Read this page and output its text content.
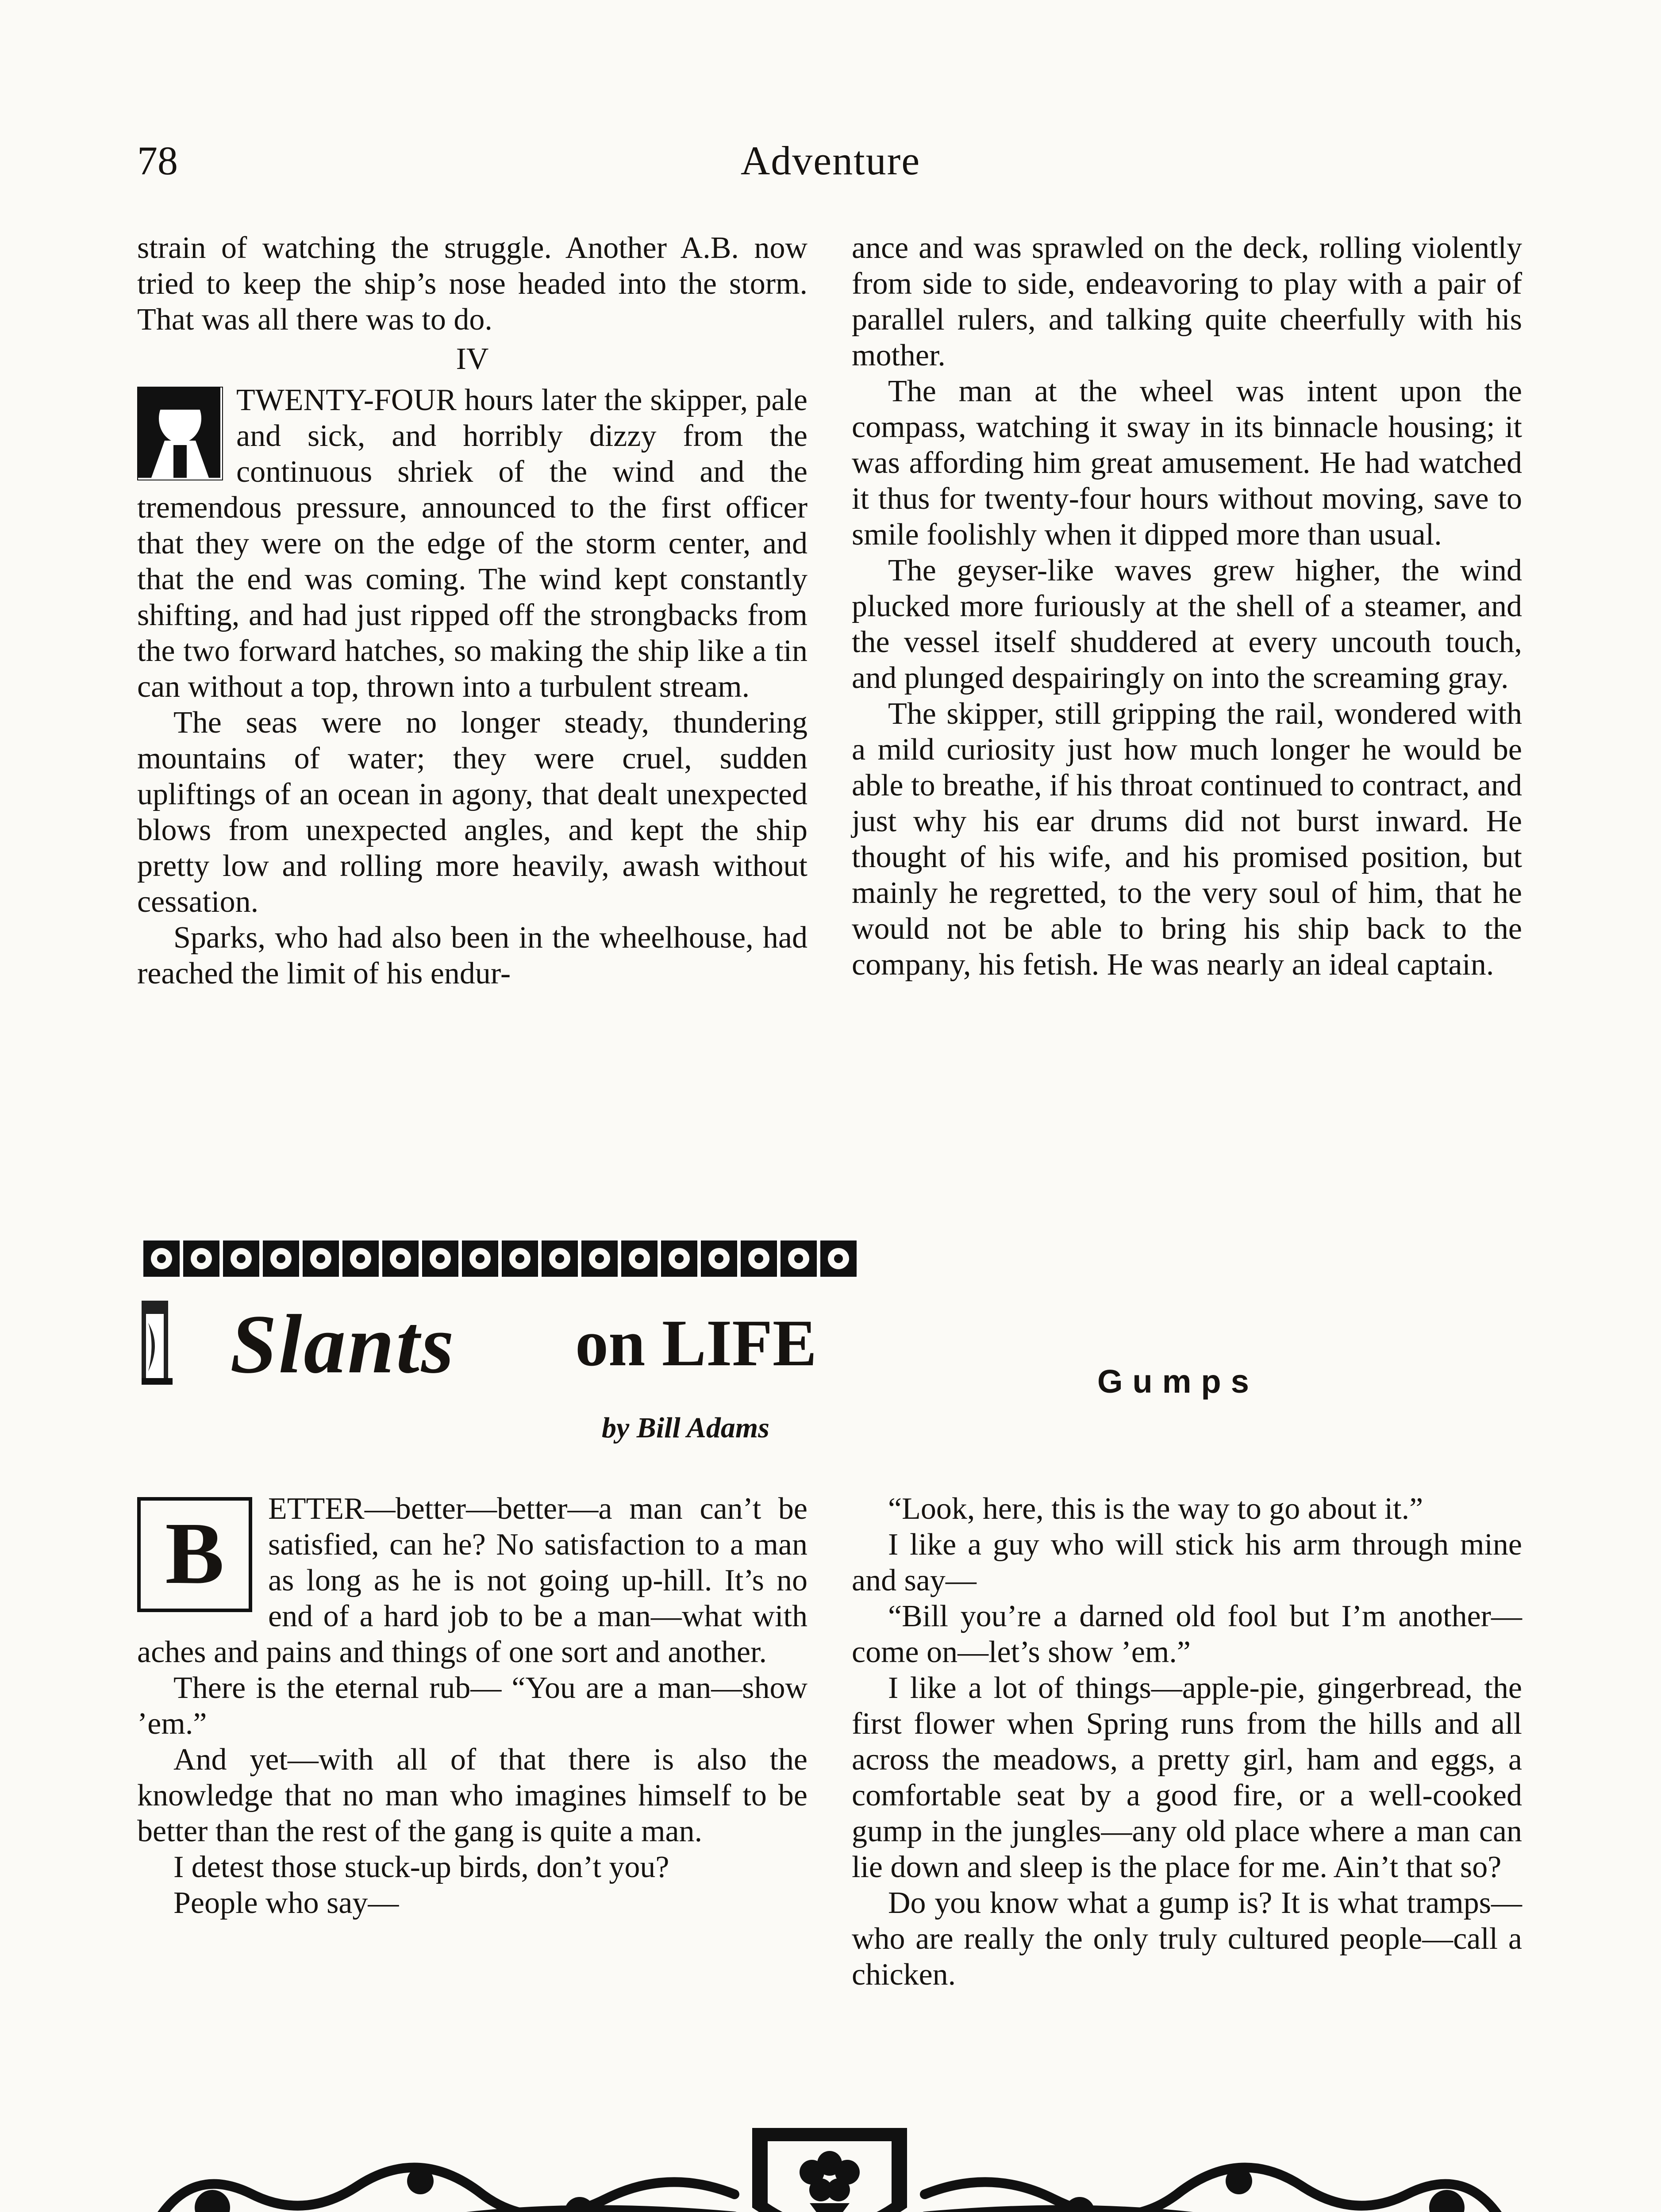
78	Adventure

strain of watching the struggle. Another A.B. now tried to keep the ship’s nose headed into the storm. That was all there was to do.

IV

TWENTY-FOUR hours later the skipper, pale and sick, and horribly dizzy from the continuous shriek of the wind and the tremendous pressure, announced to the first officer that they were on the edge of the storm center, and that the end was coming. The wind kept constantly shifting, and had just ripped off the strongbacks from the two forward hatches, so making the ship like a tin can without a top, thrown into a turbulent stream.

The seas were no longer steady, thundering mountains of water; they were cruel, sudden upliftings of an ocean in agony, that dealt unexpected blows from unexpected angles, and kept the ship pretty low and rolling more heavily, awash without cessation.

Sparks, who had also been in the wheelhouse, had reached the limit of his endur-

ance and was sprawled on the deck, rolling violently from side to side, endeavoring to play with a pair of parallel rulers, and talking quite cheerfully with his mother.

The man at the wheel was intent upon the compass, watching it sway in its binnacle housing; it was affording him great amusement. He had watched it thus for twenty-four hours without moving, save to smile foolishly when it dipped more than usual.

The geyser-like waves grew higher, the wind plucked more furiously at the shell of a steamer, and the vessel itself shuddered at every uncouth touch, and plunged despairingly on into the screaming gray.

The skipper, still gripping the rail, wondered with a mild curiosity just how much longer he would be able to breathe, if his throat continued to contract, and just why his ear drums did not burst inward. He thought of his wife, and his promised position, but mainly he regretted, to the very soul of him, that he would not be able to bring his ship back to the company, his fetish. He was nearly an ideal captain.

Slants on LIFE
by Bill Adams
Gumps
B	ETTER—better—better—a man can’t be satisfied, can he? No satisfaction to a man as long as he is not going up-hill. It’s no end of a hard job to be a man—what with aches and pains and things of one sort and another.

There is the eternal rub— “You are a man—show ’em.”

And yet—with all of that there is also the knowledge that no man who imagines himself to be better than the rest of the gang is quite a man.

I detest those stuck-up birds, don’t you?

People who say—

“Look, here, this is the way to go about it.”

I like a guy who will stick his arm through mine and say—

“Bill you’re a darned old fool but I’m another—come on—let’s show ’em.”

I like a lot of things—apple-pie, gingerbread, the first flower when Spring runs from the hills and all across the meadows, a pretty girl, ham and eggs, a comfortable seat by a good fire, or a well-cooked gump in the jungles—any old place where a man can lie down and sleep is the place for me. Ain’t that so?

Do you know what a gump is? It is what tramps—who are really the only truly cultured people—call a chicken.
